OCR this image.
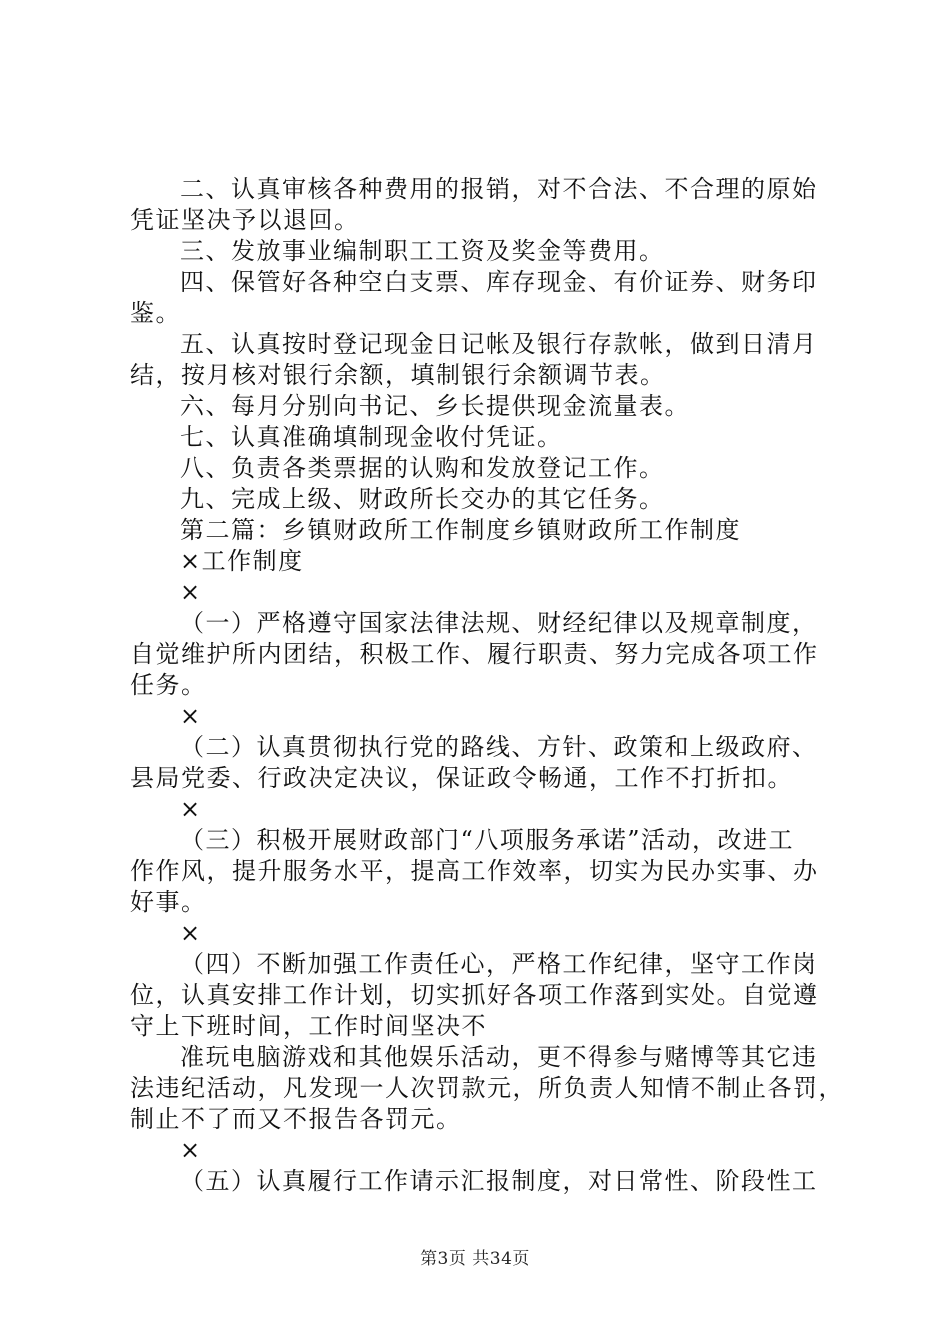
二、认真审核各种费用的报销，对不合法、不合理的原始
凭证坚决予以退回。
三、发放事业编制职工工资及奖金等费用。
四、保管好各种空白支票、库存现金、有价证券、财务印
鉴。
五、认真按时登记现金日记帐及银行存款帐，做到日清月
结，按月核对银行余额，填制银行余额调节表。
六、每月分别向书记、乡长提供现金流量表。
七、认真准确填制现金收付凭证。
八、负责各类票据的认购和发放登记工作。
九、完成上级、财政所长交办的其它任务。
第二篇：乡镇财政所工作制度乡镇财政所工作制度
×工作制度
×
（一）严格遵守国家法律法规、财经纪律以及规章制度，
自觉维护所内团结，积极工作、履行职责、努力完成各项工作
任务。
×
（二）认真贯彻执行党的路线、方针、政策和上级政府、
县局党委、行政决定决议，保证政令畅通，工作不打折扣。
×
（三）积极开展财政部门“八项服务承诺”活动，改进工
作作风，提升服务水平，提高工作效率，切实为民办实事、办
好事。
×
（四）不断加强工作责任心，严格工作纪律，坚守工作岗
位，认真安排工作计划，切实抓好各项工作落到实处。自觉遵
守上下班时间，工作时间坚决不
准玩电脑游戏和其他娱乐活动，更不得参与赌博等其它违
法违纪活动，凡发现一人次罚款元，所负责人知情不制止各罚，
制止不了而又不报告各罚元。
×
（五）认真履行工作请示汇报制度，对日常性、阶段性工
第3页 共34页
